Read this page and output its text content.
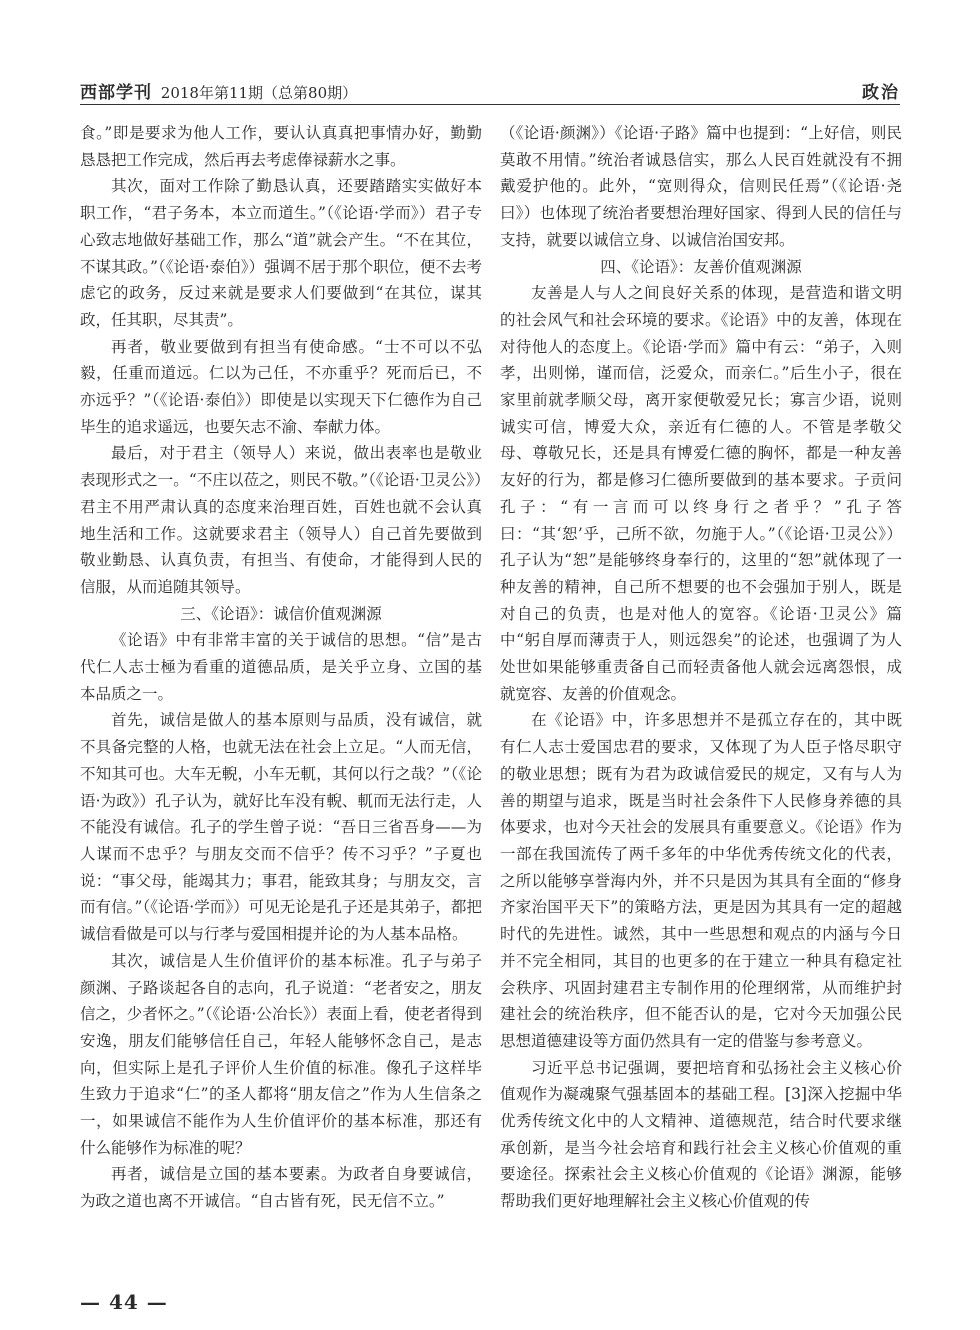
西部学刊 2018年第11期（总第80期）	政治

食。”即是要求为他人工作，要认认真真把事情办好，勤勤恳恳把工作完成，然后再去考虑俸禄薪水之事。

其次，面对工作除了勤恳认真，还要踏踏实实做好本职工作，“君子务本，本立而道生。”（《论语·学而》）君子专心致志地做好基础工作，那么“道”就会产生。“不在其位，不谋其政。”（《论语·泰伯》）强调不居于那个职位，便不去考虑它的政务，反过来就是要求人们要做到“在其位，谋其政，任其职，尽其责”。

再者，敬业要做到有担当有使命感。“士不可以不弘毅，任重而道远。仁以为己任，不亦重乎？死而后已，不亦远乎？”（《论语·泰伯》）即使是以实现天下仁德作为自己毕生的追求遥远，也要矢志不渝、奉献力体。

最后，对于君主（领导人）来说，做出表率也是敬业表现形式之一。“不庄以莅之，则民不敬。”（《论语·卫灵公》）君主不用严肃认真的态度来治理百姓，百姓也就不会认真地生活和工作。这就要求君主（领导人）自己首先要做到敬业勤恳、认真负责，有担当、有使命，才能得到人民的信服，从而追随其领导。

三、《论语》：诚信价值观渊源

《论语》中有非常丰富的关于诚信的思想。“信”是古代仁人志士極为看重的道德品质，是关乎立身、立国的基本品质之一。

首先，诚信是做人的基本原则与品质，没有诚信，就不具备完整的人格，也就无法在社会上立足。“人而无信，不知其可也。大车无輗，小车无軏，其何以行之哉？”（《论语·为政》）孔子认为，就好比车没有輗、軏而无法行走，人不能没有诚信。孔子的学生曾子说：“吾日三省吾身——为人谋而不忠乎？与朋友交而不信乎？传不习乎？”子夏也说：“事父母，能竭其力；事君，能致其身；与朋友交，言而有信。”（《论语·学而》）可见无论是孔子还是其弟子，都把诚信看做是可以与行孝与爱国相提并论的为人基本品格。

其次，诚信是人生价值评价的基本标准。孔子与弟子颜渊、子路谈起各自的志向，孔子说道：“老者安之，朋友信之，少者怀之。”（《论语·公冶长》）表面上看，使老者得到安逸，朋友们能够信任自己，年轻人能够怀念自己，是志向，但实际上是孔子评价人生价值的标准。像孔子这样毕生致力于追求“仁”的圣人都将“朋友信之”作为人生信条之一，如果诚信不能作为人生价值评价的基本标准，那还有什么能够作为标准的呢？

再者，诚信是立国的基本要素。为政者自身要诚信，为政之道也离不开诚信。“自古皆有死，民无信不立。”

（《论语·颜渊》）《论语·子路》篇中也提到：“上好信，则民莫敢不用情。”统治者诚恳信实，那么人民百姓就没有不拥戴爱护他的。此外，“宽则得众，信则民任焉”（《论语·尧曰》）也体现了统治者要想治理好国家、得到人民的信任与支持，就要以诚信立身、以诚信治国安邦。

四、《论语》：友善价值观渊源

友善是人与人之间良好关系的体现，是营造和谐文明的社会风气和社会环境的要求。《论语》中的友善，体现在对待他人的态度上。《论语·学而》篇中有云：“弟子，入则孝，出则悌，谨而信，泛爱众，而亲仁。”后生小子，很在家里前就孝顺父母，离开家便敬爱兄长；寡言少语，说则诚实可信，博爱大众，亲近有仁德的人。不管是孝敬父母、尊敬兄长，还是具有博爱仁德的胸怀，都是一种友善友好的行为，都是修习仁德所要做到的基本要求。子贡问孔子：“有一言而可以终身行之者乎？”孔子答曰：“其‘恕’乎，己所不欲，勿施于人。”（《论语·卫灵公》）孔子认为“恕”是能够终身奉行的，这里的“恕”就体现了一种友善的精神，自己所不想要的也不会强加于别人，既是对自己的负责，也是对他人的宽容。《论语·卫灵公》篇中“躬自厚而薄责于人，则远怨矣”的论述，也强调了为人处世如果能够重责备自己而轻责备他人就会远离怨恨，成就宽容、友善的价值观念。

在《论语》中，许多思想并不是孤立存在的，其中既有仁人志士爱国忠君的要求，又体现了为人臣子恪尽职守的敬业思想；既有为君为政诚信爱民的规定，又有与人为善的期望与追求，既是当时社会条件下人民修身养德的具体要求，也对今天社会的发展具有重要意义。《论语》作为一部在我国流传了两千多年的中华优秀传统文化的代表，之所以能够享誉海内外，并不只是因为其具有全面的“修身齐家治国平天下”的策略方法，更是因为其具有一定的超越时代的先进性。诚然，其中一些思想和观点的内涵与今日并不完全相同，其目的也更多的在于建立一种具有稳定社会秩序、巩固封建君主专制作用的伦理纲常，从而维护封建社会的统治秩序，但不能否认的是，它对今天加强公民思想道德建设等方面仍然具有一定的借鉴与参考意义。

习近平总书记强调，要把培育和弘扬社会主义核心价值观作为凝魂聚气强基固本的基础工程。[3]深入挖掘中华优秀传统文化中的人文精神、道德规范，结合时代要求继承创新，是当今社会培育和践行社会主义核心价值观的重要途径。探索社会主义核心价值观的《论语》渊源，能够帮助我们更好地理解社会主义核心价值观的传

— 44 —
